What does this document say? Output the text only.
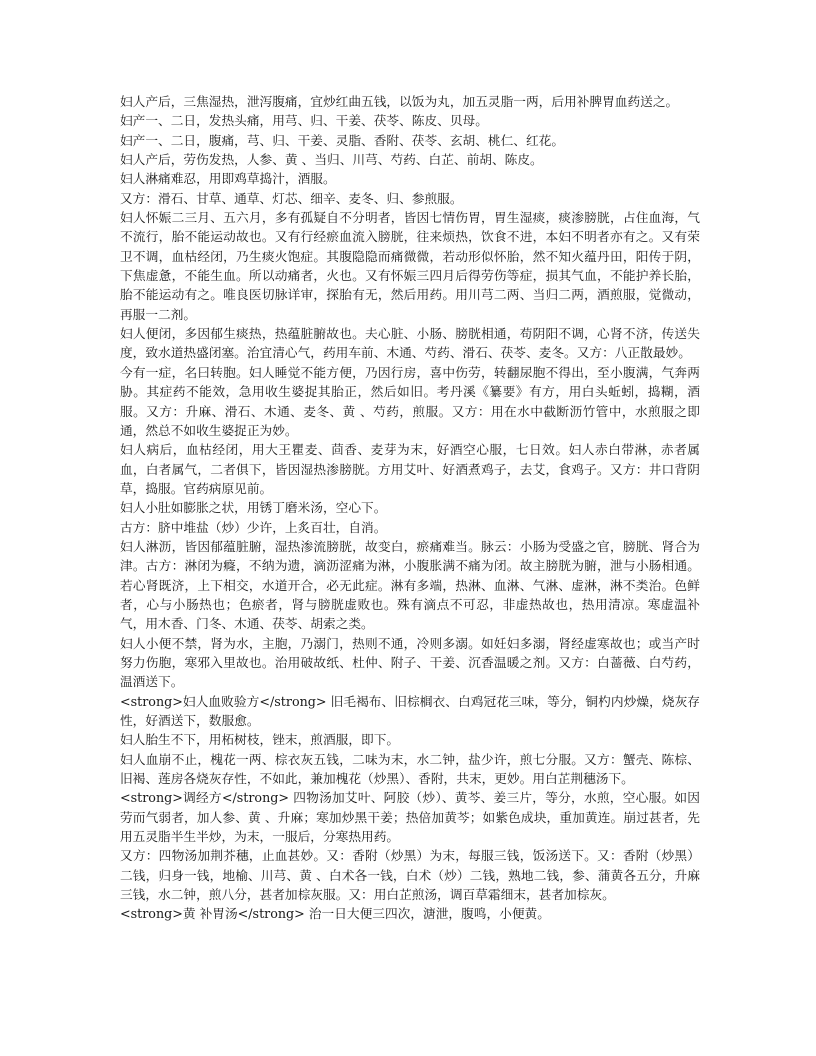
妇人产后，三焦湿热，泄泻腹痛，宜炒红曲五钱，以饭为丸，加五灵脂一两，后用补脾胃血药送之。

妇产一、二日，发热头痛，用芎、归、干姜、茯苓、陈皮、贝母。

妇产一、二日，腹痛，芎、归、干姜、灵脂、香附、茯苓、玄胡、桃仁、红花。

妇人产后，劳伤发热，人参、黄 、当归、川芎、芍药、白芷、前胡、陈皮。

妇人淋痛难忍，用即鸡草捣汁，酒服。

又方：滑石、甘草、通草、灯芯、细辛、麦冬、归、参煎服。

妇人怀娠二三月、五六月，多有孤疑自不分明者，皆因七情伤胃，胃生湿痰，痰渗膀胱，占住血海，气不流行，胎不能运动故也。又有行经瘀血流入膀胱，往来烦热，饮食不进，本妇不明者亦有之。又有荣卫不调，血枯经闭，乃生痰火饱症。其腹隐隐而痛微微，若动形似怀胎，然不知火蕴丹田，阳传于阴，下焦虚惫，不能生血。所以动痛者，火也。又有怀娠三四月后得劳伤等症，损其气血，不能护养长胎，胎不能运动有之。唯良医切脉详审，探胎有无，然后用药。用川芎二两、当归二两，酒煎服，觉微动，再服一二剂。

妇人便闭，多因郁生痰热，热蕴脏腑故也。夫心脏、小肠、膀胱相通，苟阴阳不调，心肾不济，传送失度，致水道热盛闭塞。治宜清心气，药用车前、木通、芍药、滑石、茯苓、麦冬。又方：八正散最妙。

今有一症，名曰转胞。妇人睡觉不能方便，乃因行房，喜中伤劳，转翻尿胞不得出，至小腹满，气奔两胁。其症药不能效，急用收生婆捉其胎正，然后如旧。考丹溪《纂要》有方，用白头蚯蚓，捣糊，酒服。又方：升麻、滑石、木通、麦冬、黄 、芍药，煎服。又方：用在水中截断沥竹管中，水煎服之即通，然总不如收生婆捉正为妙。

妇人病后，血枯经闭，用大王瞿麦、茴香、麦芽为末，好酒空心服，七日效。妇人赤白带淋，赤者属血，白者属气，二者俱下，皆因湿热渗膀胱。方用艾叶、好酒煮鸡子，去艾，食鸡子。又方：井口背阴草，捣服。官药病原见前。

妇人小肚如膨胀之状，用锈丁磨米汤，空心下。

古方：脐中堆盐（炒）少许，上炙百壮，自消。

妇人淋沥，皆因郁蕴脏腑，湿热渗流膀胱，故变白，瘀痛难当。脉云：小肠为受盛之官，膀胱、肾合为津。古方：淋闭为癃，不纳为遗，滴沥涩痛为淋，小腹胀满不痛为闭。故主膀胱为腑，泄与小肠相通。若心肾既济，上下相交，水道开合，必无此症。淋有多端，热淋、血淋、气淋、虚淋，淋不类治。色鲜者，心与小肠热也；色瘀者，肾与膀胱虚败也。殊有滴点不可忍，非虚热故也，热用清凉。寒虚温补气，用木香、门冬、木通、茯苓、胡索之类。

妇人小便不禁，肾为水，主胞，乃溺门，热则不通，冷则多溺。如妊妇多溺，肾经虚寒故也；或当产时努力伤胞，寒邪入里故也。治用破故纸、杜仲、附子、干姜、沉香温暖之剂。又方：白蔷薇、白芍药，温酒送下。

<strong>妇人血败验方</strong> 旧毛褐布、旧棕榈衣、白鸡冠花三味，等分，铜杓内炒燥，烧灰存性，好酒送下，数服愈。

妇人胎生不下，用柘树枝，锉末，煎酒服，即下。

妇人血崩不止，槐花一两、棕衣灰五钱，二味为末，水二钟，盐少许，煎七分服。又方：蟹壳、陈棕、旧褐、莲房各烧灰存性，不如此，兼加槐花（炒黑）、香附，共末，更妙。用白芷荆穗汤下。

<strong>调经方</strong> 四物汤加艾叶、阿胶（炒）、黄芩、姜三片，等分，水煎，空心服。如因劳而气弱者，加人参、黄 、升麻；寒加炒黑干姜；热倍加黄芩；如紫色成块，重加黄连。崩过甚者，先用五灵脂半生半炒，为末，一服后，分寒热用药。

又方：四物汤加荆芥穗，止血甚妙。又：香附（炒黑）为末，每服三钱，饭汤送下。又：香附（炒黑）二钱，归身一钱，地榆、川芎、黄 、白术各一钱，白术（炒）二钱，熟地二钱，参、蒲黄各五分，升麻三钱，水二钟，煎八分，甚者加棕灰服。又：用白芷煎汤，调百草霜细末，甚者加棕灰。

<strong>黄 补胃汤</strong> 治一日大便三四次，溏泄，腹鸣，小便黄。
